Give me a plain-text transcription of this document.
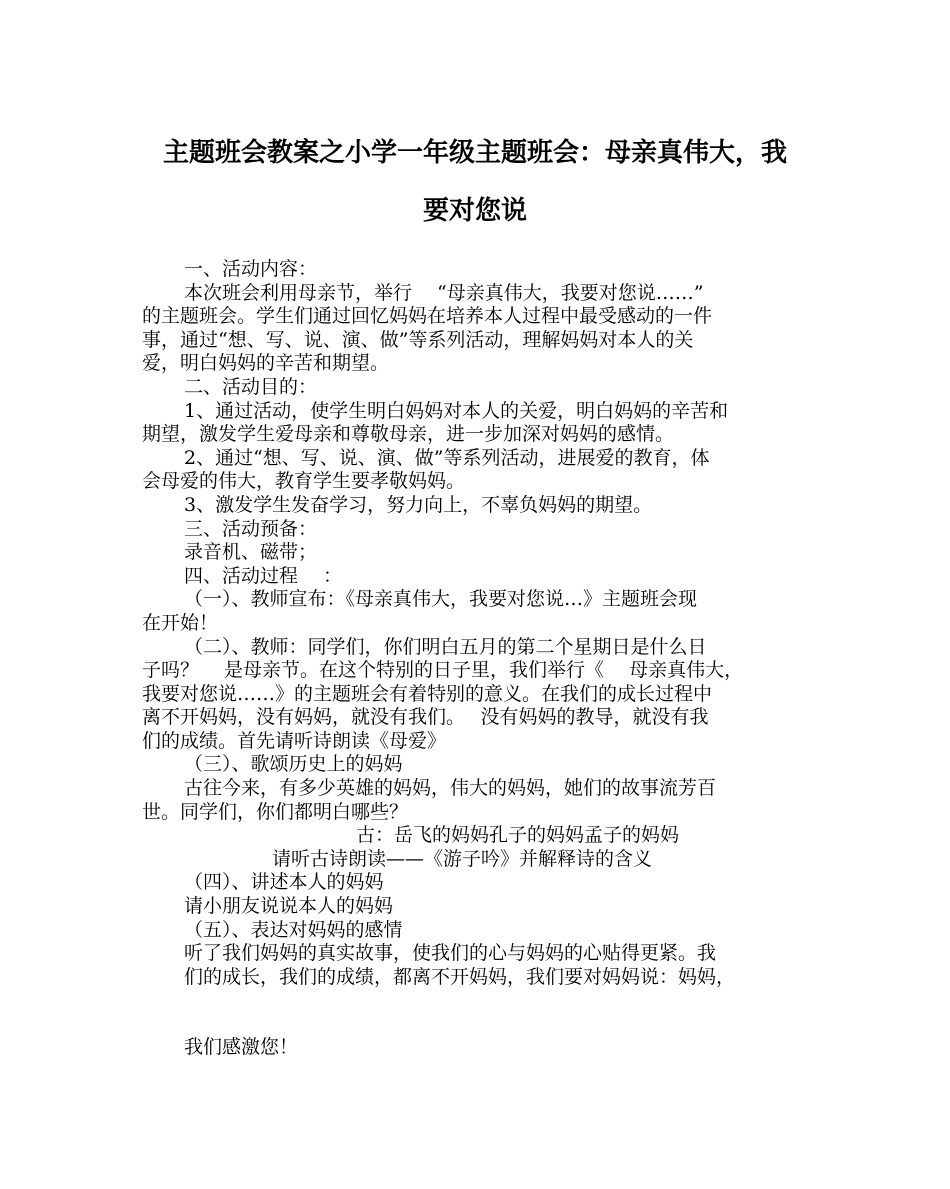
主题班会教案之小学一年级主题班会：母亲真伟大，我
要对您说
一、活动内容：
本次班会利用母亲节，举行　 “母亲真伟大，我要对您说……”
的主题班会。学生们通过回忆妈妈在培养本人过程中最受感动的一件
事，通过“想、写、说、演、做”等系列活动，理解妈妈对本人的关
爱，明白妈妈的辛苦和期望。
二、活动目的：
1、通过活动，使学生明白妈妈对本人的关爱，明白妈妈的辛苦和
期望，激发学生爱母亲和尊敬母亲，进一步加深对妈妈的感情。
2、通过“想、写、说、演、做”等系列活动，进展爱的教育，体
会母爱的伟大，教育学生要孝敬妈妈。
3、激发学生发奋学习，努力向上，不辜负妈妈的期望。
三、活动预备：
录音机、磁带；
四、活动过程　 ：
（一）、教师宣布：《母亲真伟大，我要对您说…》主题班会现
在开始！
（二）、教师：同学们，你们明白五月的第二个星期日是什么日
子吗？　 是母亲节。在这个特别的日子里，我们举行《　 母亲真伟大，
我要对您说……》的主题班会有着特别的意义。在我们的成长过程中
离不开妈妈，没有妈妈，就没有我们。　 没有妈妈的教导，就没有我
们的成绩。首先请听诗朗读《母爱》
（三）、歌颂历史上的妈妈
古往今来，有多少英雄的妈妈，伟大的妈妈，她们的故事流芳百
世。同学们，你们都明白哪些？
古：岳飞的妈妈孔子的妈妈孟子的妈妈
请听古诗朗读——《游子吟》并解释诗的含义
（四）、讲述本人的妈妈
请小朋友说说本人的妈妈
（五）、表达对妈妈的感情
听了我们妈妈的真实故事，使我们的心与妈妈的心贴得更紧。我
们的成长，我们的成绩，都离不开妈妈，我们要对妈妈说：妈妈，
我们感激您！
